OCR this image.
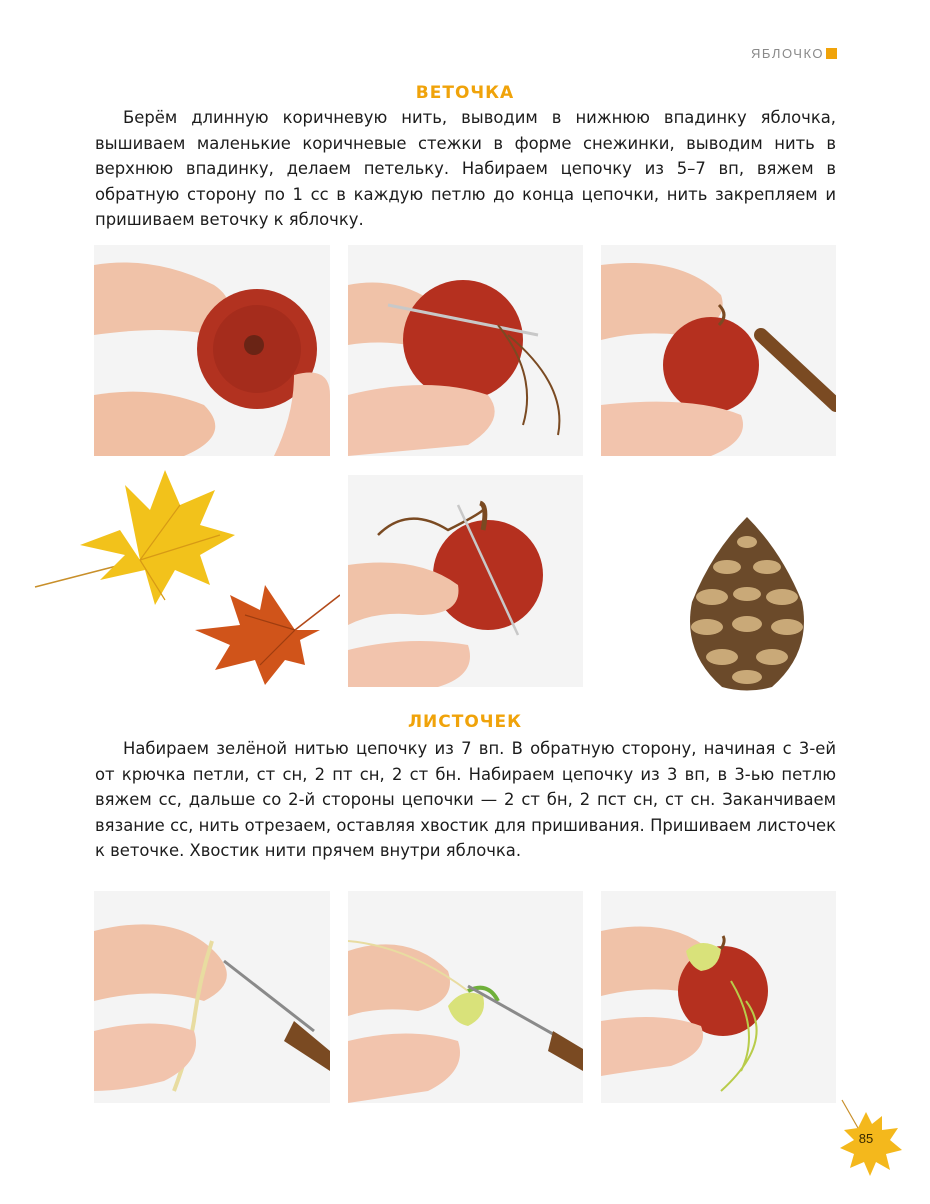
ЯБЛОЧКО
ВЕТОЧКА

Берём длинную коричневую нить, выводим в нижнюю впадинку яблочка, вышиваем маленькие коричневые стежки в форме снежинки, выводим нить в верхнюю впадинку, делаем петельку. Набираем цепочку из 5–7 вп, вяжем в обратную сторону по 1 сс в каждую петлю до конца цепочки, нить закрепляем и пришиваем веточку к яблочку.

ЛИСТОЧЕК

Набираем зелёной нитью цепочку из 7 вп. В обратную сторону, начиная с 3-ей от крючка петли, ст сн, 2 пт сн, 2 ст бн. Набираем цепочку из 3 вп, в 3-ью петлю вяжем сс, дальше со 2-й стороны цепочки — 2 ст бн, 2 пст сн, ст сн. Заканчиваем вязание сс, нить отрезаем, оставляя хвостик для пришивания. Пришиваем листочек к веточке. Хвостик нити прячем внутри яблочка.

85
